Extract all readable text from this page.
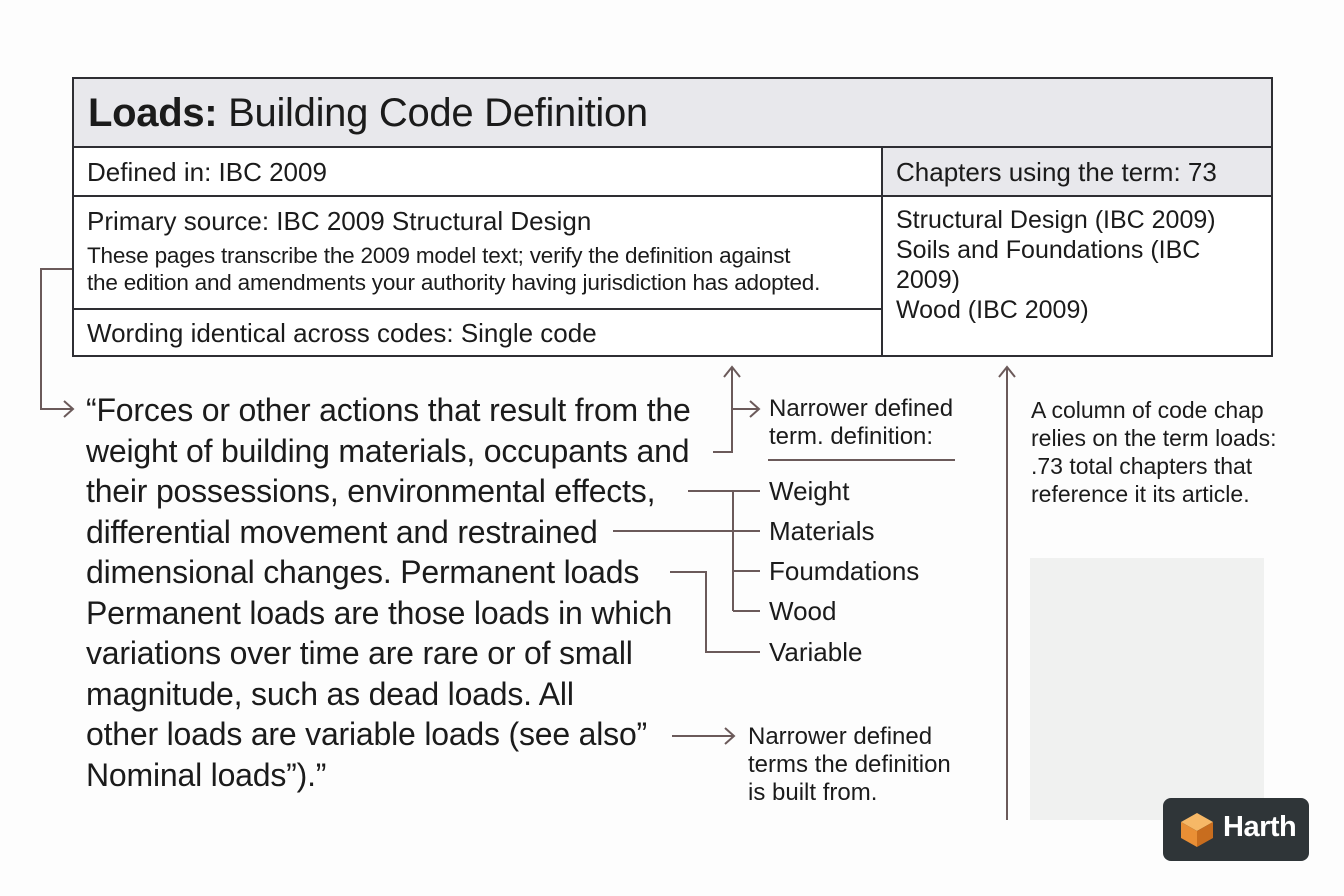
Loads: Building Code Definition
Defined in: IBC 2009	Chapters using the term: 73
Primary source: IBC 2009 Structural Design
These pages transcribe the 2009 model text; verify the definition against
the edition and amendments your authority having jurisdiction has adopted.
Wording identical across codes: Single code
Structural Design (IBC 2009)
Soils and Foundations (IBC 2009)
Wood (IBC 2009)
“Forces or other actions that result from the
weight of building materials, occupants and
their possessions, environmental effects,
differential movement and restrained
dimensional changes. Permanent loads
Permanent loads are those loads in which
variations over time are rare or of small
magnitude, such as dead loads. All
other loads are variable loads (see also”
Nominal loads”).”
Narrower defined
term. definition:
Weight
Materials
Foumdations
Wood
Variable
Narrower defined
terms the definition
is built from.
A column of code chap
relies on the term loads:
.73 total chapters that
reference it its article.
Harth
